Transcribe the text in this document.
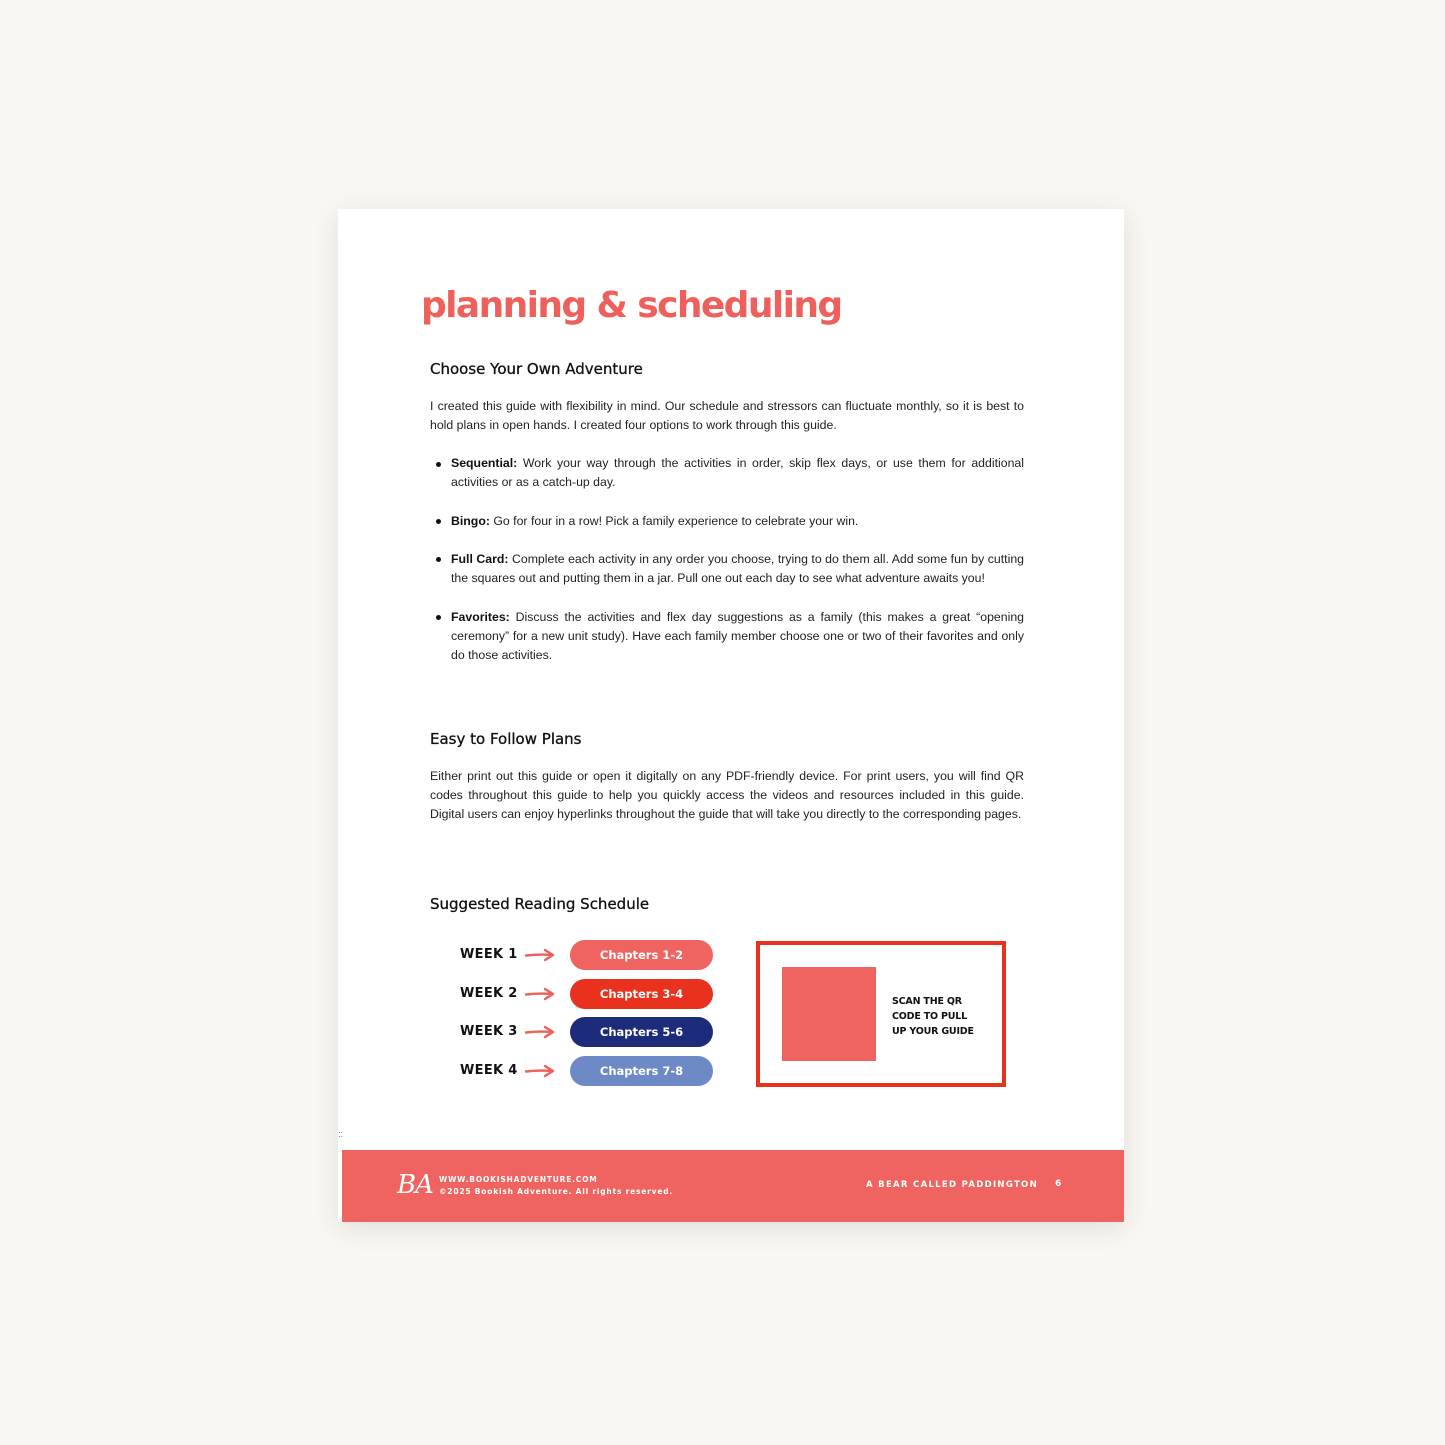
planning & scheduling
Choose Your Own Adventure

I created this guide with flexibility in mind. Our schedule and stressors can fluctuate monthly, so it is best to hold plans in open hands. I created four options to work through this guide.

Sequential: Work your way through the activities in order, skip flex days, or use them for additional activities or as a catch-up day.
Bingo: Go for four in a row! Pick a family experience to celebrate your win.
Full Card: Complete each activity in any order you choose, trying to do them all. Add some fun by cutting the squares out and putting them in a jar. Pull one out each day to see what adventure awaits you!
Favorites: Discuss the activities and flex day suggestions as a family (this makes a great “opening ceremony” for a new unit study). Have each family member choose one or two of their favorites and only do those activities.
Easy to Follow Plans

Either print out this guide or open it digitally on any PDF-friendly device. For print users, you will find QR codes throughout this guide to help you quickly access the videos and resources included in this guide. Digital users can enjoy hyperlinks throughout the guide that will take you directly to the corresponding pages.

Suggested Reading Schedule
WEEK 1	Chapters 1-2
WEEK 2	Chapters 3-4
WEEK 3	Chapters 5-6
WEEK 4	Chapters 7-8
SCAN THE QR CODE TO PULL UP YOUR GUIDE
::
BA WWW.BOOKISHADVENTURE.COM
©2025 Bookish Adventure. All rights reserved.
A BEAR CALLED PADDINGTON 6
